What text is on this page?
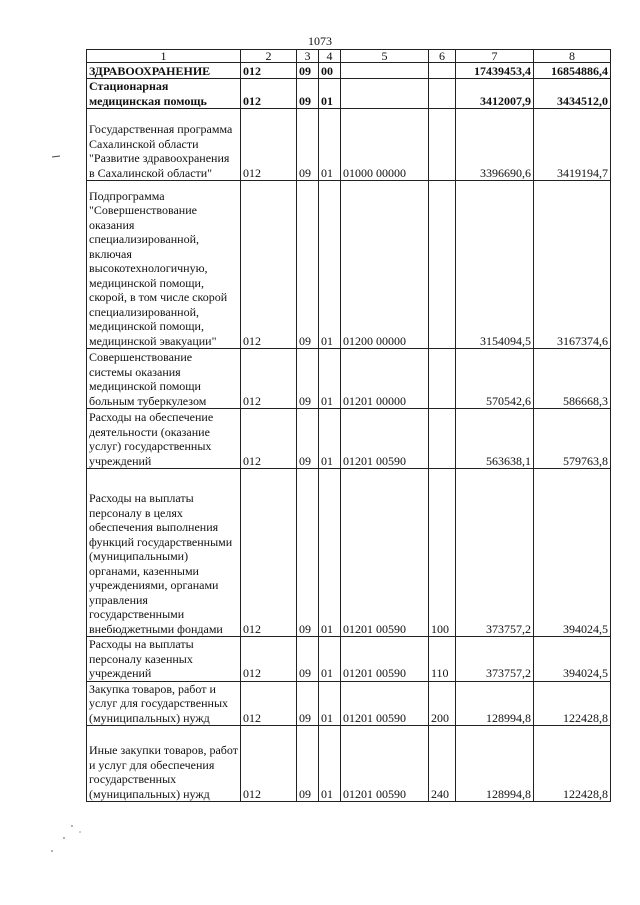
1073
1	2	3	4	5	6	7	8
ЗДРАВООХРАНЕНИЕ	012	09	00			17439453,4	16854886,4
Стационарная медицинская помощь	012	09	01			3412007,9	3434512,0
Государственная программа Сахалинской области "Развитие здравоохранения в Сахалинской области"	012	09	01	01000 00000		3396690,6	3419194,7
Подпрограмма "Совершенствование оказания специализированной, включая высокотехнологичную, медицинской помощи, скорой, в том числе скорой специализированной, медицинской помощи, медицинской эвакуации"	012	09	01	01200 00000		3154094,5	3167374,6
Совершенствование системы оказания медицинской помощи больным туберкулезом	012	09	01	01201 00000		570542,6	586668,3
Расходы на обеспечение деятельности (оказание услуг) государственных учреждений	012	09	01	01201 00590		563638,1	579763,8
Расходы на выплаты персоналу в целях обеспечения выполнения функций государственными (муниципальными) органами, казенными учреждениями, органами управления государственными внебюджетными фондами	012	09	01	01201 00590	100	373757,2	394024,5
Расходы на выплаты персоналу казенных учреждений	012	09	01	01201 00590	110	373757,2	394024,5
Закупка товаров, работ и услуг для государственных (муниципальных) нужд	012	09	01	01201 00590	200	128994,8	122428,8
Иные закупки товаров, работ и услуг для обеспечения государственных (муниципальных) нужд	012	09	01	01201 00590	240	128994,8	122428,8
